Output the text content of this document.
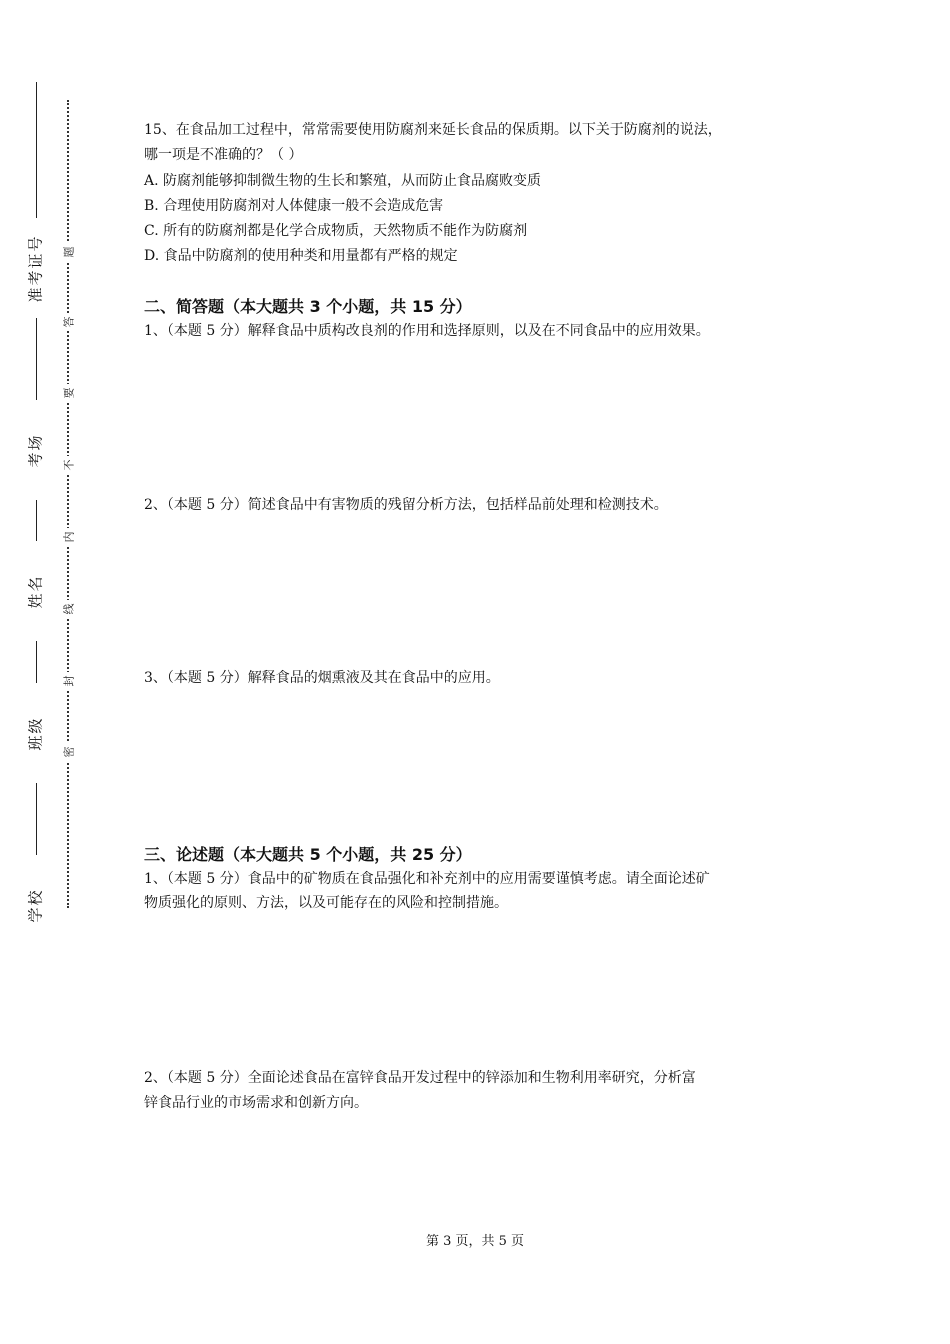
准考证号
考场
姓名
班级
学校
题
答
要
不
内
线
封
密
15、在食品加工过程中，常常需要使用防腐剂来延长食品的保质期。以下关于防腐剂的说法，
哪一项是不准确的？（ ）
A. 防腐剂能够抑制微生物的生长和繁殖，从而防止食品腐败变质
B. 合理使用防腐剂对人体健康一般不会造成危害
C. 所有的防腐剂都是化学合成物质，天然物质不能作为防腐剂
D. 食品中防腐剂的使用种类和用量都有严格的规定
二、简答题（本大题共 3 个小题，共 15 分）
1、（本题 5 分）解释食品中质构改良剂的作用和选择原则，以及在不同食品中的应用效果。
2、（本题 5 分）简述食品中有害物质的残留分析方法，包括样品前处理和检测技术。
3、（本题 5 分）解释食品的烟熏液及其在食品中的应用。
三、论述题（本大题共 5 个小题，共 25 分）
1、（本题 5 分）食品中的矿物质在食品强化和补充剂中的应用需要谨慎考虑。请全面论述矿
物质强化的原则、方法，以及可能存在的风险和控制措施。
2、（本题 5 分）全面论述食品在富锌食品开发过程中的锌添加和生物利用率研究，分析富
锌食品行业的市场需求和创新方向。
第 3 页，共 5 页
